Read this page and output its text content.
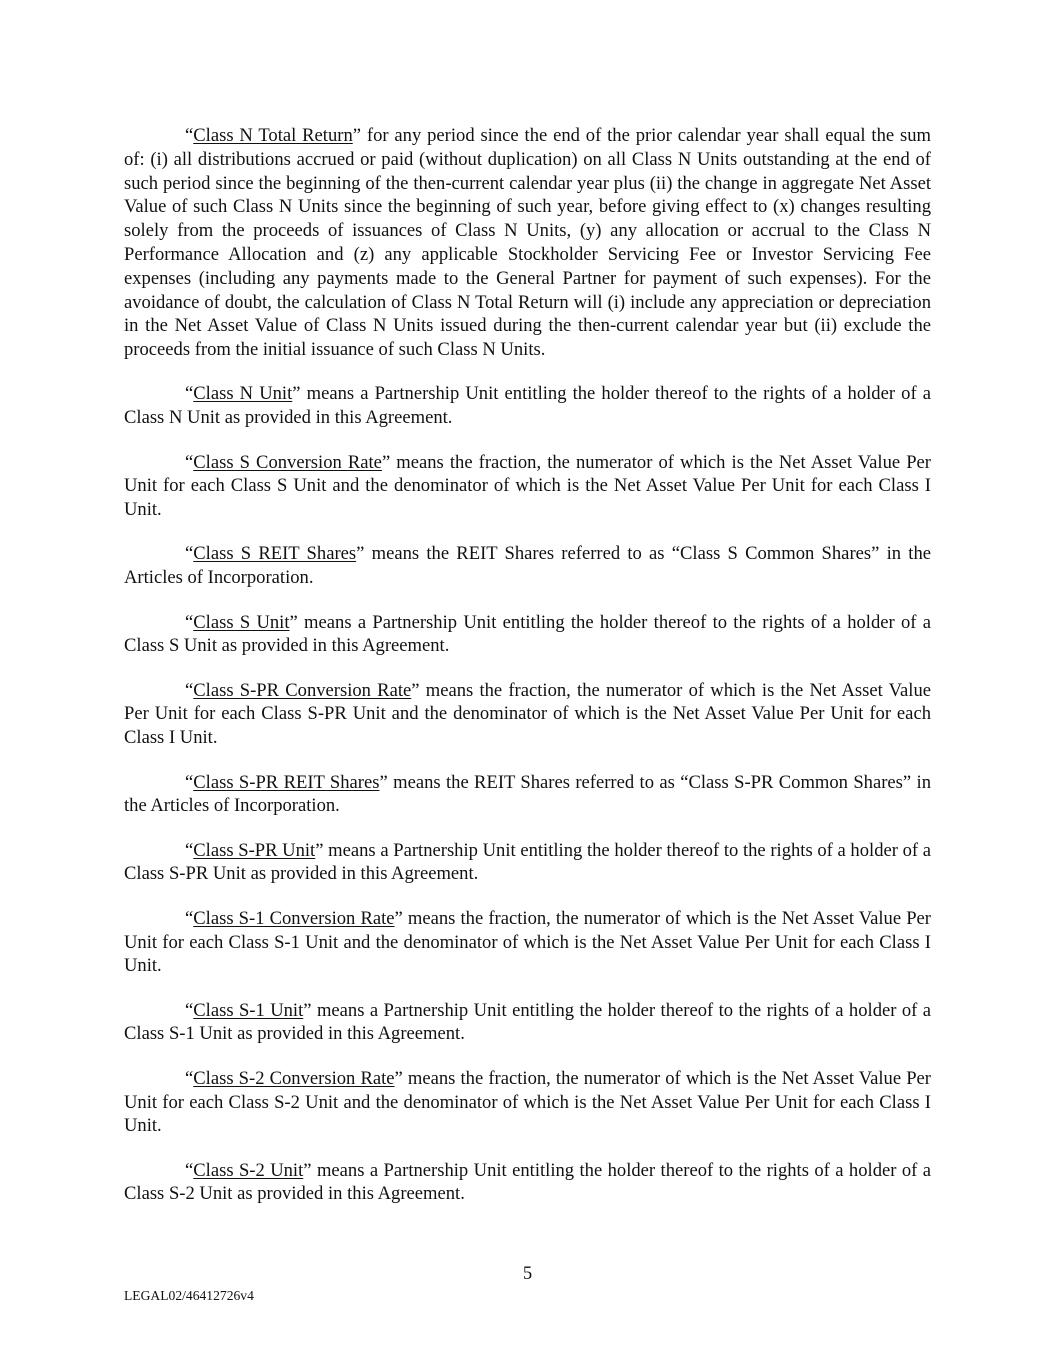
“Class N Total Return” for any period since the end of the prior calendar year shall equal the sum of: (i) all distributions accrued or paid (without duplication) on all Class N Units outstanding at the end of such period since the beginning of the then-current calendar year plus (ii) the change in aggregate Net Asset Value of such Class N Units since the beginning of such year, before giving effect to (x) changes resulting solely from the proceeds of issuances of Class N Units, (y) any allocation or accrual to the Class N Performance Allocation and (z) any applicable Stockholder Servicing Fee or Investor Servicing Fee expenses (including any payments made to the General Partner for payment of such expenses). For the avoidance of doubt, the calculation of Class N Total Return will (i) include any appreciation or depreciation in the Net Asset Value of Class N Units issued during the then-current calendar year but (ii) exclude the proceeds from the initial issuance of such Class N Units.

“Class N Unit” means a Partnership Unit entitling the holder thereof to the rights of a holder of a Class N Unit as provided in this Agreement.

“Class S Conversion Rate” means the fraction, the numerator of which is the Net Asset Value Per Unit for each Class S Unit and the denominator of which is the Net Asset Value Per Unit for each Class I Unit.

“Class S REIT Shares” means the REIT Shares referred to as “Class S Common Shares” in the Articles of Incorporation.

“Class S Unit” means a Partnership Unit entitling the holder thereof to the rights of a holder of a Class S Unit as provided in this Agreement.

“Class S-PR Conversion Rate” means the fraction, the numerator of which is the Net Asset Value Per Unit for each Class S-PR Unit and the denominator of which is the Net Asset Value Per Unit for each Class I Unit.

“Class S-PR REIT Shares” means the REIT Shares referred to as “Class S-PR Common Shares” in the Articles of Incorporation.

“Class S-PR Unit” means a Partnership Unit entitling the holder thereof to the rights of a holder of a Class S-PR Unit as provided in this Agreement.

“Class S-1 Conversion Rate” means the fraction, the numerator of which is the Net Asset Value Per Unit for each Class S-1 Unit and the denominator of which is the Net Asset Value Per Unit for each Class I Unit.

“Class S-1 Unit” means a Partnership Unit entitling the holder thereof to the rights of a holder of a Class S-1 Unit as provided in this Agreement.

“Class S-2 Conversion Rate” means the fraction, the numerator of which is the Net Asset Value Per Unit for each Class S-2 Unit and the denominator of which is the Net Asset Value Per Unit for each Class I Unit.

“Class S-2 Unit” means a Partnership Unit entitling the holder thereof to the rights of a holder of a Class S-2 Unit as provided in this Agreement.

5
LEGAL02/46412726v4
